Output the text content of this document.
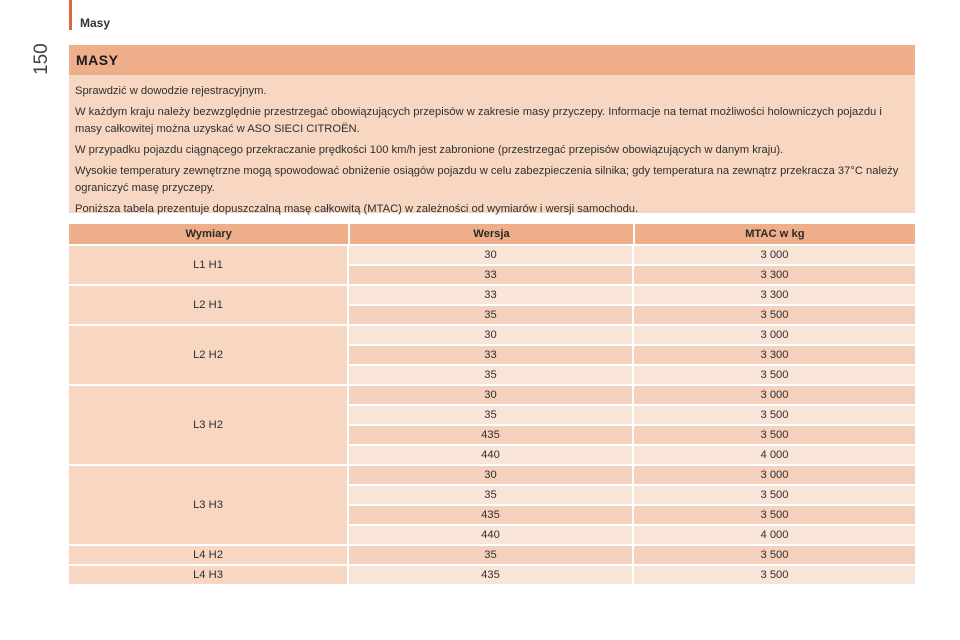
Masy
150	MASY

Sprawdzić w dowodzie rejestracyjnym.

W każdym kraju należy bezwzględnie przestrzegać obowiązujących przepisów w zakresie masy przyczepy. Informacje na temat możliwości holowniczych pojazdu i masy całkowitej można uzyskać w ASO SIECI CITROËN.

W przypadku pojazdu ciągnącego przekraczanie prędkości 100 km/h jest zabronione (przestrzegać przepisów obowiązujących w danym kraju).

Wysokie temperatury zewnętrzne mogą spowodować obniżenie osiągów pojazdu w celu zabezpieczenia silnika; gdy temperatura na zewnątrz przekracza 37°C należy ograniczyć masę przyczepy.

Poniższa tabela prezentuje dopuszczalną masę całkowitą (MTAC) w zależności od wymiarów i wersji samochodu.

Wymiary	Wersja	MTAC w kg
L1 H1
30	3 000
33	3 300
L2 H1
33	3 300
35	3 500
L2 H2
30	3 000
33	3 300
35	3 500
L3 H2
30	3 000
35	3 500
435	3 500
440	4 000
L3 H3
30	3 000
35	3 500
435	3 500
440	4 000
L4 H2	35	3 500
L4 H3	435	3 500
